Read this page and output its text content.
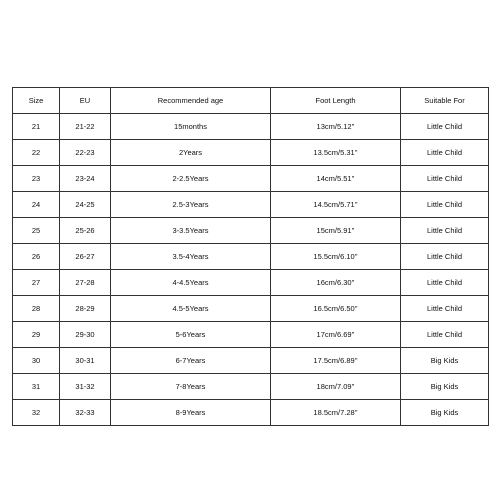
Size	EU	Recommended age	Foot Length	Suitable For
21	21-22	15months	13cm/5.12''	Little Child
22	22-23	2Years	13.5cm/5.31''	Little Child
23	23-24	2-2.5Years	14cm/5.51''	Little Child
24	24-25	2.5-3Years	14.5cm/5.71''	Little Child
25	25-26	3-3.5Years	15cm/5.91''	Little Child
26	26-27	3.5-4Years	15.5cm/6.10''	Little Child
27	27-28	4-4.5Years	16cm/6.30''	Little Child
28	28-29	4.5-5Years	16.5cm/6.50''	Little Child
29	29-30	5-6Years	17cm/6.69''	Little Child
30	30-31	6-7Years	17.5cm/6.89''	Big Kids
31	31-32	7-8Years	18cm/7.09''	Big Kids
32	32-33	8-9Years	18.5cm/7.28''	Big Kids
